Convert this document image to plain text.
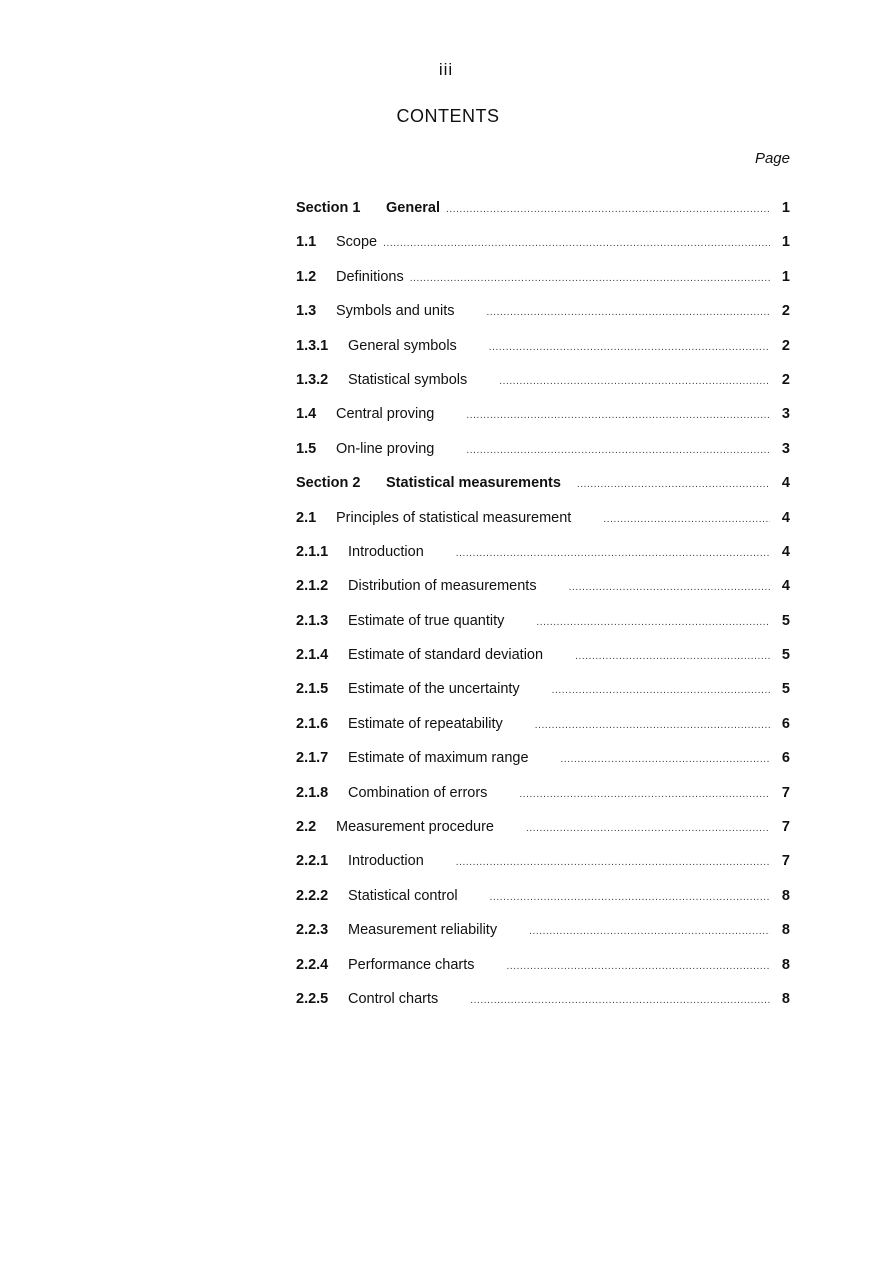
iii
CONTENTS
Page
Section 1	General .....	1
1.1	Scope .....	1
1.2	Definitions .....	1
1.3	Symbols and units .....	2
1.3.1	General symbols .....	2
1.3.2	Statistical symbols .....	2
1.4	Central proving .....	3
1.5	On-line proving .....	3
Section 2	Statistical measurements .....	4
2.1	Principles of statistical measurement .....	4
2.1.1	Introduction .....	4
2.1.2	Distribution of measurements .....	4
2.1.3	Estimate of true quantity .....	5
2.1.4	Estimate of standard deviation .....	5
2.1.5	Estimate of the uncertainty .....	5
2.1.6	Estimate of repeatability .....	6
2.1.7	Estimate of maximum range .....	6
2.1.8	Combination of errors .....	7
2.2	Measurement procedure .....	7
2.2.1	Introduction .....	7
2.2.2	Statistical control .....	8
2.2.3	Measurement reliability .....	8
2.2.4	Performance charts .....	8
2.2.5	Control charts .....	8
